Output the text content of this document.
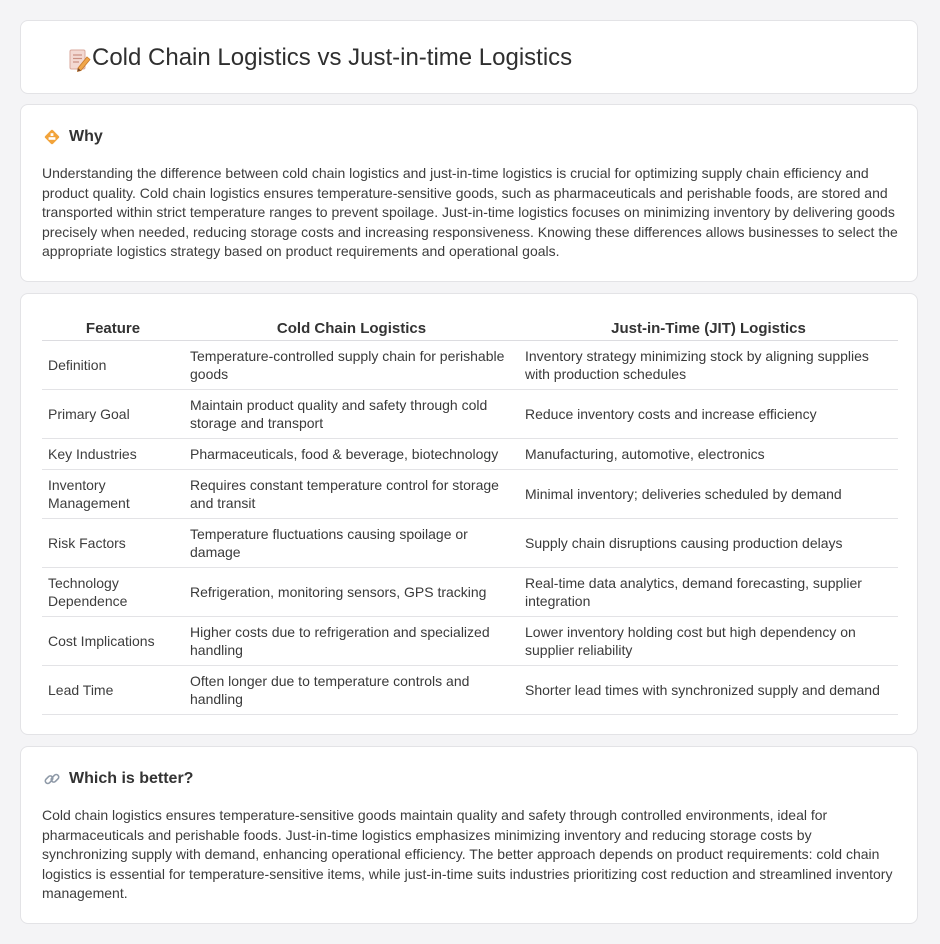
Cold Chain Logistics vs Just-in-time Logistics
Why

Understanding the difference between cold chain logistics and just-in-time logistics is crucial for optimizing supply chain efficiency and product quality. Cold chain logistics ensures temperature-sensitive goods, such as pharmaceuticals and perishable foods, are stored and transported within strict temperature ranges to prevent spoilage. Just-in-time logistics focuses on minimizing inventory by delivering goods precisely when needed, reducing storage costs and increasing responsiveness. Knowing these differences allows businesses to select the appropriate logistics strategy based on product requirements and operational goals.

Feature	Cold Chain Logistics	Just-in-Time (JIT) Logistics
Definition	Temperature-controlled supply chain for perishable goods	Inventory strategy minimizing stock by aligning supplies with production schedules
Primary Goal	Maintain product quality and safety through cold storage and transport	Reduce inventory costs and increase efficiency
Key Industries	Pharmaceuticals, food & beverage, biotechnology	Manufacturing, automotive, electronics
Inventory Management	Requires constant temperature control for storage and transit	Minimal inventory; deliveries scheduled by demand
Risk Factors	Temperature fluctuations causing spoilage or damage	Supply chain disruptions causing production delays
Technology Dependence	Refrigeration, monitoring sensors, GPS tracking	Real-time data analytics, demand forecasting, supplier integration
Cost Implications	Higher costs due to refrigeration and specialized handling	Lower inventory holding cost but high dependency on supplier reliability
Lead Time	Often longer due to temperature controls and handling	Shorter lead times with synchronized supply and demand
Which is better?

Cold chain logistics ensures temperature-sensitive goods maintain quality and safety through controlled environments, ideal for pharmaceuticals and perishable foods. Just-in-time logistics emphasizes minimizing inventory and reducing storage costs by synchronizing supply with demand, enhancing operational efficiency. The better approach depends on product requirements: cold chain logistics is essential for temperature-sensitive items, while just-in-time suits industries prioritizing cost reduction and streamlined inventory management.
